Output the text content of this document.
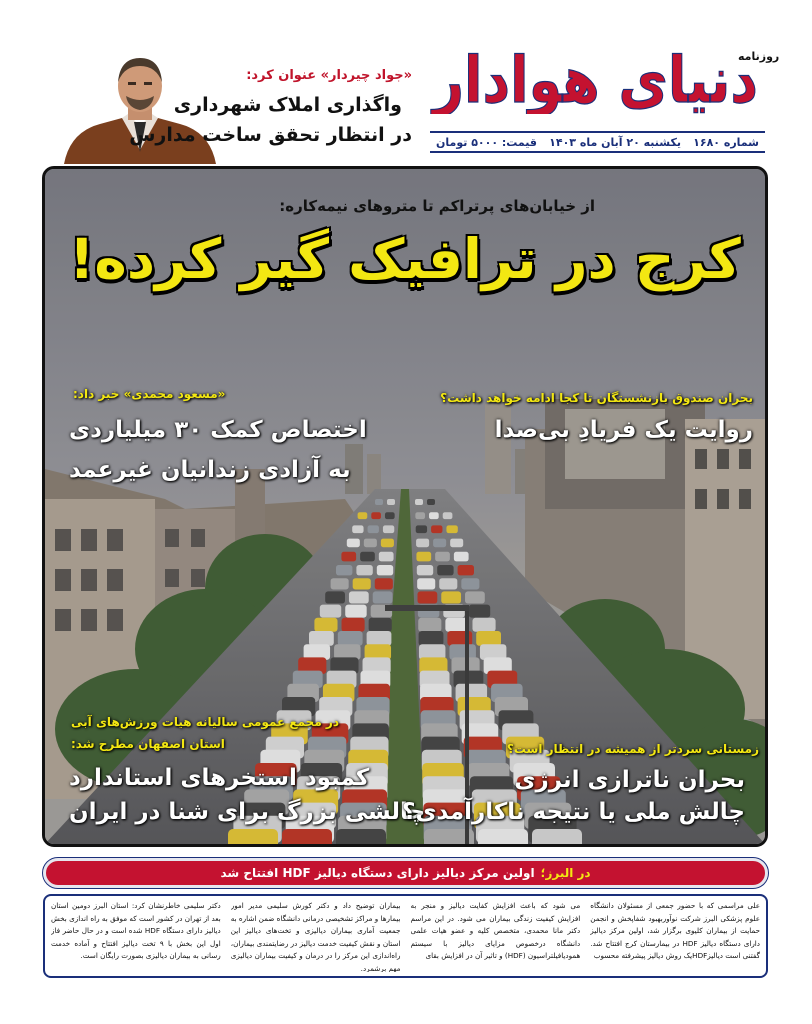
روزنامه
دنیای هوادار
شماره ۱۶۸۰
یکشنبه ۲۰ آبان ماه ۱۴۰۳
قیمت: ۵۰۰۰ تومان
«جواد چیردار» عنوان کرد:
واگذاری املاک شهرداری
در انتظار تحقق ساخت مدارس
از خیابان‌های پرتراکم تا متروهای نیمه‌کاره:
کرج در ترافیک گیر کرده!
بحران صندوق بازنشستگان تا کجا ادامه خواهد داشت؟
روایت یک فریادِ بی‌صدا
«مسعود محمدی» خبر داد:
اختصاص کمک ۳۰ میلیاردی
به آزادی زندانیان غیرعمد
در مجمع عمومی سالیانه هیات ورزش‌های آبی
استان اصفهان مطرح شد:
کمبود استخرهای استاندارد
چالشی بزرگ برای شنا در ایران
زمستانی سردتر از همیشه در انتظار است؟
بحران ناترازی انرژی
چالش ملی یا نتیجه ناکارآمدی؟
در البرز؛
اولین مرکز دیالیز دارای دستگاه دیالیز HDF افتتاح شد
علی مراسمی که با حضور جمعی از مسئولان دانشگاه علوم پزشکی البرز شرکت نوآوربهبود شفاپخش و انجمن حمایت از بیماران کلیوی برگزار شد، اولین مرکز دیالیز دارای دستگاه دیالیز HDF در بیمارستان کرج افتتاح شد. گفتنی است دیالیزHDFیک روش دیالیز پیشرفته محسوب
می شود که باعث افزایش کفایت دیالیز و منجر به افزایش کیفیت زندگی بیماران می شود. در این مراسم دکتر مانا محمدی، متخصص کلیه و عضو هیات علمی دانشگاه درخصوص مزایای دیالیز با سیستم هموديافيلتراسيون (HDF) و تاثیر آن در افزایش بقای
بیماران توضیح داد و دکتر کورش سلیمی مدیر امور بیمارها و مراکز تشخیصی درمانی دانشگاه ضمن اشاره به جمعیت آماری بیماران دیالیزی و تخت‌های دیالیز این استان و نقش کیفیت خدمت دیالیز در رضایتمندی بیماران، راه‌اندازی این مرکز را در درمان و کیفیت بیماران دیالیزی مهم برشمرد.
دکتر سلیمی خاطرنشان کرد: استان البرز دومین استان بعد از تهران در کشور است که موفق به راه اندازی بخش دیالیز دارای دستگاه HDF شده است و در حال حاضر فاز اول این بخش با ۹ تخت دیالیز افتتاح و آماده خدمت رسانی به بیماران دیالیزی بصورت رایگان است.
